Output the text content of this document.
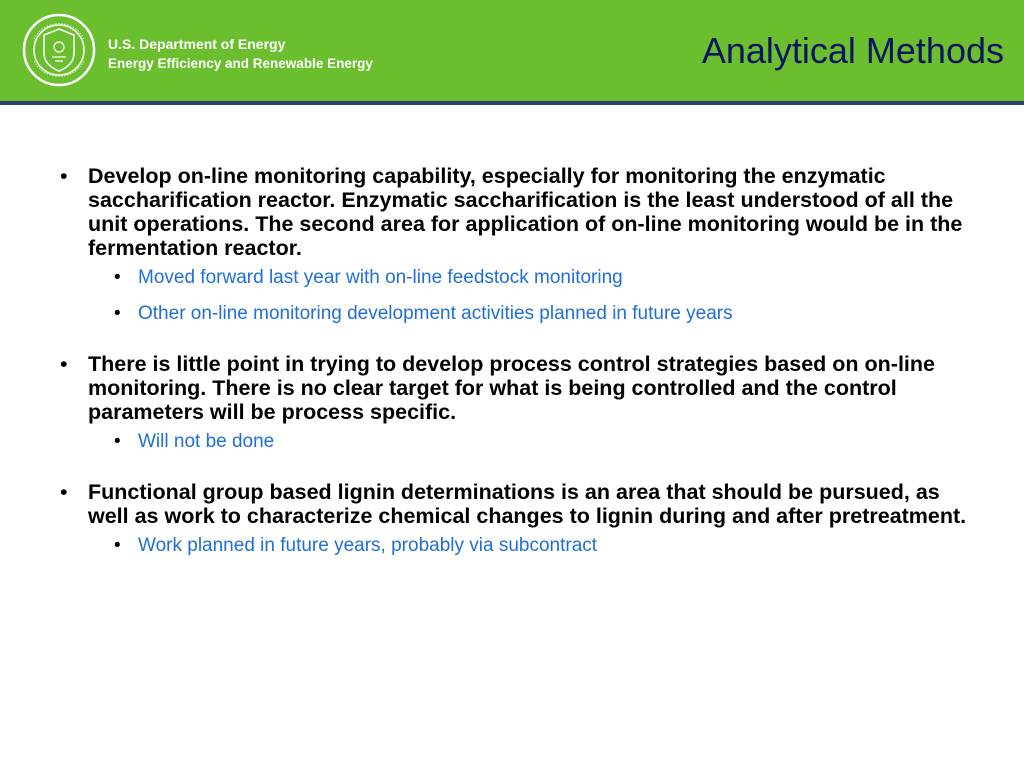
U.S. Department of Energy
Energy Efficiency and Renewable Energy	Analytical Methods
• Develop on-line monitoring capability, especially for monitoring the enzymatic saccharification reactor. Enzymatic saccharification is the least understood of all the unit operations. The second area for application of on-line monitoring would be in the fermentation reactor.
• Moved forward last year with on-line feedstock monitoring
• Other on-line monitoring development activities planned in future years
• There is little point in trying to develop process control strategies based on on-line monitoring. There is no clear target for what is being controlled and the control parameters will be process specific.
• Will not be done
• Functional group based lignin determinations is an area that should be pursued, as well as work to characterize chemical changes to lignin during and after pretreatment.
• Work planned in future years, probably via subcontract
